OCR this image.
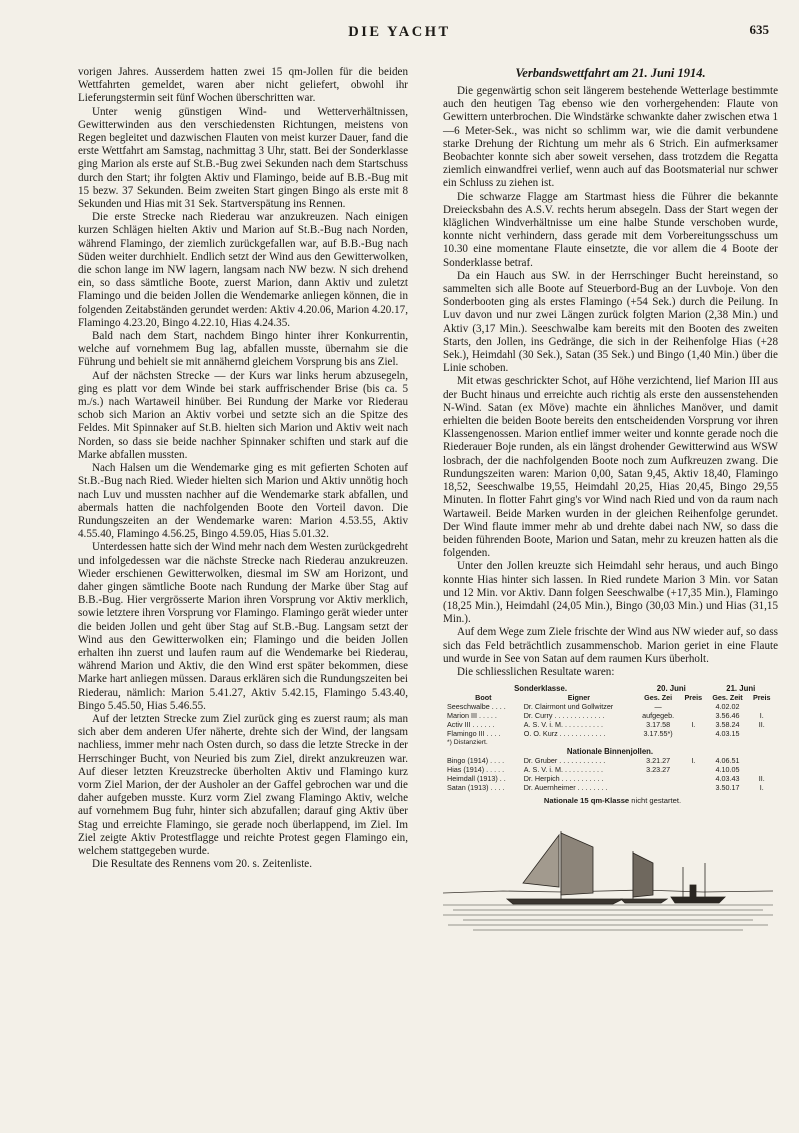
DIE YACHT	635

vorigen Jahres. Ausserdem hatten zwei 15 qm-Jollen für die beiden Wettfahrten gemeldet, waren aber nicht geliefert, obwohl ihr Lieferungstermin seit fünf Wochen überschritten war.

Unter wenig günstigen Wind- und Wetterverhältnissen, Gewitterwinden aus den verschiedensten Richtungen, meistens von Regen begleitet und dazwischen Flauten von meist kurzer Dauer, fand die erste Wettfahrt am Samstag, nachmittag 3 Uhr, statt. Bei der Sonderklasse ging Marion als erste auf St.B.-Bug zwei Sekunden nach dem Startschuss durch den Start; ihr folgten Aktiv und Flamingo, beide auf B.B.-Bug mit 15 bezw. 37 Sekunden. Beim zweiten Start gingen Bingo als erste mit 8 Sekunden und Hias mit 31 Sek. Startverspätung ins Rennen.

Die erste Strecke nach Riederau war anzukreuzen. Nach einigen kurzen Schlägen hielten Aktiv und Marion auf St.B.-Bug nach Norden, während Flamingo, der ziemlich zurückgefallen war, auf B.B.-Bug nach Süden weiter durchhielt. Endlich setzt der Wind aus den Gewitterwolken, die schon lange im NW lagern, langsam nach NW bezw. N sich drehend ein, so dass sämtliche Boote, zuerst Marion, dann Aktiv und zuletzt Flamingo und die beiden Jollen die Wendemarke anliegen können, die in folgenden Zeitabständen gerundet werden: Aktiv 4.20.06, Marion 4.20.17, Flamingo 4.23.20, Bingo 4.22.10, Hias 4.24.35.

Bald nach dem Start, nachdem Bingo hinter ihrer Konkurrentin, welche auf vornehmem Bug lag, abfallen musste, übernahm sie die Führung und behielt sie mit annähernd gleichem Vorsprung bis ans Ziel.

Auf der nächsten Strecke — der Kurs war links herum abzusegeln, ging es platt vor dem Winde bei stark auffrischender Brise (bis ca. 5 m./s.) nach Wartaweil hinüber. Bei Rundung der Marke vor Riederau schob sich Marion an Aktiv vorbei und setzte sich an die Spitze des Feldes. Mit Spinnaker auf St.B. hielten sich Marion und Aktiv weit nach Norden, so dass sie beide nachher Spinnaker schiften und stark auf die Marke abfallen mussten.

Nach Halsen um die Wendemarke ging es mit gefierten Schoten auf St.B.-Bug nach Ried. Wieder hielten sich Marion und Aktiv unnötig hoch nach Luv und mussten nachher auf die Wendemarke stark abfallen, und abermals hatten die nachfolgenden Boote den Vorteil davon. Die Rundungszeiten an der Wendemarke waren: Marion 4.53.55, Aktiv 4.55.40, Flamingo 4.56.25, Bingo 4.59.05, Hias 5.01.32.

Unterdessen hatte sich der Wind mehr nach dem Westen zurückgedreht und infolgedessen war die nächste Strecke nach Riederau anzukreuzen. Wieder erschienen Gewitterwolken, diesmal im SW am Horizont, und daher gingen sämtliche Boote nach Rundung der Marke über Stag auf B.B.-Bug. Hier vergrösserte Marion ihren Vorsprung vor Aktiv merklich, sowie letztere ihren Vorsprung vor Flamingo. Flamingo gerät wieder unter die beiden Jollen und geht über Stag auf St.B.-Bug. Langsam setzt der Wind aus den Gewitterwolken ein; Flamingo und die beiden Jollen erhalten ihn zuerst und laufen raum auf die Wendemarke bei Riederau, während Marion und Aktiv, die den Wind erst später bekommen, diese Marke hart anliegen müssen. Daraus erklären sich die Rundungszeiten bei Riederau, nämlich: Marion 5.41.27, Aktiv 5.42.15, Flamingo 5.43.40, Bingo 5.45.50, Hias 5.46.55.

Auf der letzten Strecke zum Ziel zurück ging es zuerst raum; als man sich aber dem anderen Ufer näherte, drehte sich der Wind, der langsam nachliess, immer mehr nach Osten durch, so dass die letzte Strecke in der Herrschinger Bucht, von Neuried bis zum Ziel, direkt anzukreuzen war. Auf dieser letzten Kreuzstrecke überholten Aktiv und Flamingo kurz vorm Ziel Marion, der der Ausholer an der Gaffel gebrochen war und die daher aufgeben musste. Kurz vorm Ziel zwang Flamingo Aktiv, welche auf vornehmem Bug fuhr, hinter sich abzufallen; darauf ging Aktiv über Stag und erreichte Flamingo, sie gerade noch überlappend, im Ziel. Im Ziel zeigte Aktiv Protestflagge und reichte Protest gegen Flamingo ein, welchem stattgegeben wurde.

Die Resultate des Rennens vom 20. s. Zeitenliste.

Verbandswettfahrt am 21. Juni 1914.

Die gegenwärtig schon seit längerem bestehende Wetterlage bestimmte auch den heutigen Tag ebenso wie den vorhergehenden: Flaute von Gewittern unterbrochen. Die Windstärke schwankte daher zwischen etwa 1—6 Meter-Sek., was nicht so schlimm war, wie die damit verbundene starke Drehung der Richtung um mehr als 6 Strich. Ein aufmerksamer Beobachter konnte sich aber soweit versehen, dass trotzdem die Regatta ziemlich einwandfrei verlief, wenn auch auf das Bootsmaterial nur schwer ein Schluss zu ziehen ist.

Die schwarze Flagge am Startmast hiess die Führer die bekannte Dreiecksbahn des A.S.V. rechts herum absegeln. Dass der Start wegen der kläglichen Windverhältnisse um eine halbe Stunde verschoben wurde, konnte nicht verhindern, dass gerade mit dem Vorbereitungsschuss um 10.30 eine momentane Flaute einsetzte, die vor allem die 4 Boote der Sonderklasse betraf.

Da ein Hauch aus SW. in der Herrschinger Bucht hereinstand, so sammelten sich alle Boote auf Steuerbord-Bug an der Luvboje. Von den Sonderbooten ging als erstes Flamingo (+54 Sek.) durch die Peilung. In Luv davon und nur zwei Längen zurück folgten Marion (2,38 Min.) und Aktiv (3,17 Min.). Seeschwalbe kam bereits mit den Booten des zweiten Starts, den Jollen, ins Gedränge, die sich in der Reihenfolge Hias (+28 Sek.), Heimdahl (30 Sek.), Satan (35 Sek.) und Bingo (1,40 Min.) über die Linie schoben.

Mit etwas geschrickter Schot, auf Höhe verzichtend, lief Marion III aus der Bucht hinaus und erreichte auch richtig als erste den aussenstehenden N-Wind. Satan (ex Möve) machte ein ähnliches Manöver, und damit erhielten die beiden Boote bereits den entscheidenden Vorsprung vor ihren Klassengenossen. Marion entlief immer weiter und konnte gerade noch die Riederauer Boje runden, als ein längst drohender Gewitterwind aus WSW losbrach, der die nachfolgenden Boote noch zum Aufkreuzen zwang. Die Rundungszeiten waren: Marion 0,00, Satan 9,45, Aktiv 18,40, Flamingo 18,52, Seeschwalbe 19,55, Heimdahl 20,25, Hias 20,45, Bingo 29,55 Minuten. In flotter Fahrt ging's vor Wind nach Ried und von da raum nach Wartaweil. Beide Marken wurden in der gleichen Reihenfolge gerundet. Der Wind flaute immer mehr ab und drehte dabei nach NW, so dass die beiden führenden Boote, Marion und Satan, mehr zu kreuzen hatten als die folgenden.

Unter den Jollen kreuzte sich Heimdahl sehr heraus, und auch Bingo konnte Hias hinter sich lassen. In Ried rundete Marion 3 Min. vor Satan und 12 Min. vor Aktiv. Dann folgen Seeschwalbe (+17,35 Min.), Flamingo (18,25 Min.), Heimdahl (24,05 Min.), Bingo (30,03 Min.) und Hias (31,15 Min.).

Auf dem Wege zum Ziele frischte der Wind aus NW wieder auf, so dass sich das Feld beträchtlich zusammenschob. Marion geriet in eine Flaute und wurde in See von Satan auf dem raumen Kurs überholt.

Die schliesslichen Resultate waren:

Sonderklasse.		20. Juni		21. Juni	
Boot	Eigner	Ges. Zei	Preis	Ges. Zeit	Preis
Seeschwalbe . . . .	Dr. Clairmont und Gollwitzer	—		4.02.02	
Marion III . . . . .	Dr. Curry . . . . . . . . . . . . .	aufgegeb.		3.56.46	I.
Activ III . . . . . .	A. S. V. i. M. . . . . . . . . . .	3.17.58	I.	3.58.24	II.
Flamingo III . . . .	O. O. Kurz . . . . . . . . . . . .	3.17.55*)		4.03.15	
*) Distanziert.					
Nationale Binnenjollen.					
Bingo (1914) . . . .	Dr. Gruber . . . . . . . . . . . .	3.21.27	I.	4.06.51	
Hias (1914) . . . . .	A. S. V. i. M. . . . . . . . . . .	3.23.27		4.10.05	
Heimdall (1913) . .	Dr. Herpich . . . . . . . . . . .			4.03.43	II.
Satan (1913) . . . .	Dr. Auernheimer . . . . . . . .			3.50.17	I.
Nationale 15 qm-Klasse nicht gestartet.
